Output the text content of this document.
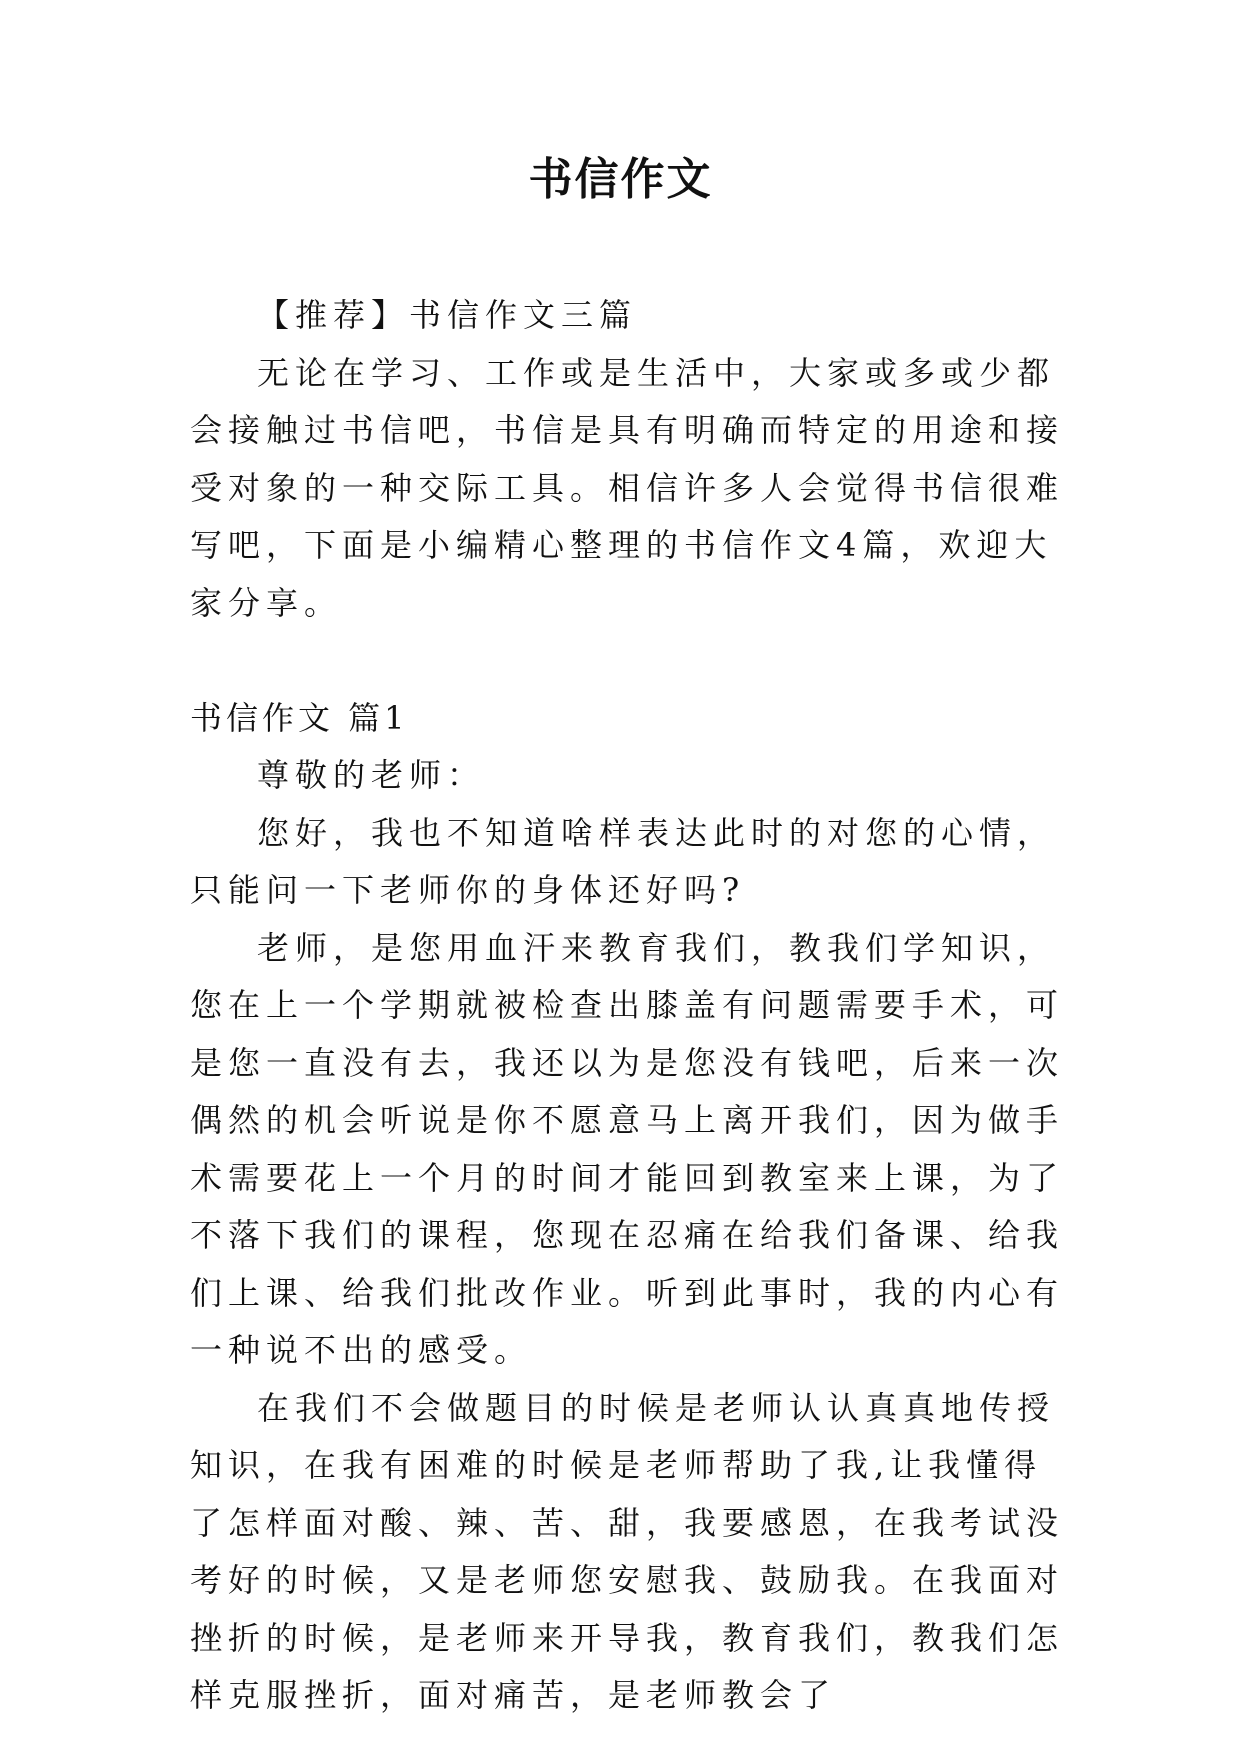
书信作文

【推荐】书信作文三篇

无论在学习、工作或是生活中，大家或多或少都会接触过书信吧，书信是具有明确而特定的用途和接受对象的一种交际工具。相信许多人会觉得书信很难写吧，下面是小编精心整理的书信作文4篇，欢迎大家分享。

书信作文 篇1

尊敬的老师：

您好，我也不知道啥样表达此时的对您的心情，只能问一下老师你的身体还好吗?

老师，是您用血汗来教育我们，教我们学知识，您在上一个学期就被检查出膝盖有问题需要手术，可是您一直没有去，我还以为是您没有钱吧，后来一次偶然的机会听说是你不愿意马上离开我们，因为做手术需要花上一个月的时间才能回到教室来上课，为了不落下我们的课程，您现在忍痛在给我们备课、给我们上课、给我们批改作业。听到此事时，我的内心有一种说不出的感受。

在我们不会做题目的时候是老师认认真真地传授知识，在我有困难的时候是老师帮助了我,让我懂得了怎样面对酸、辣、苦、甜，我要感恩，在我考试没考好的时候，又是老师您安慰我、鼓励我。在我面对挫折的时候，是老师来开导我，教育我们，教我们怎样克服挫折，面对痛苦，是老师教会了
